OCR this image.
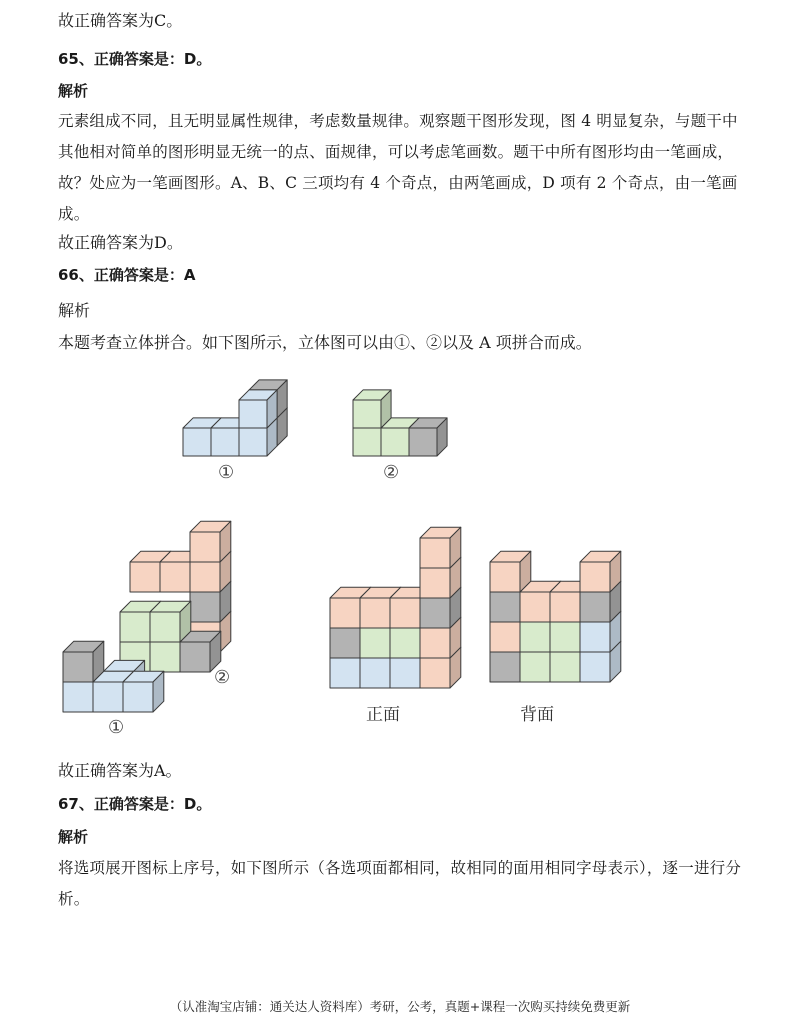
故正确答案为C。
65、正确答案是：D。
解析
元素组成不同，且无明显属性规律，考虑数量规律。观察题干图形发现，图 4 明显复杂，与题干中其他相对简单的图形明显无统一的点、面规律，可以考虑笔画数。题干中所有图形均由一笔画成，故？处应为一笔画图形。A、B、C 三项均有 4 个奇点，由两笔画成，D 项有 2 个奇点，由一笔画成。
故正确答案为D。
66、正确答案是：A
解析
本题考查立体拼合。如下图所示，立体图可以由①、②以及 A 项拼合而成。
①	②
①
②
正面	背面
故正确答案为A。
67、正确答案是：D。
解析
将选项展开图标上序号，如下图所示（各选项面都相同，故相同的面用相同字母表示），逐一进行分析。
（认准淘宝店铺：通关达人资料库）考研，公考，真题+课程一次购买持续免费更新
